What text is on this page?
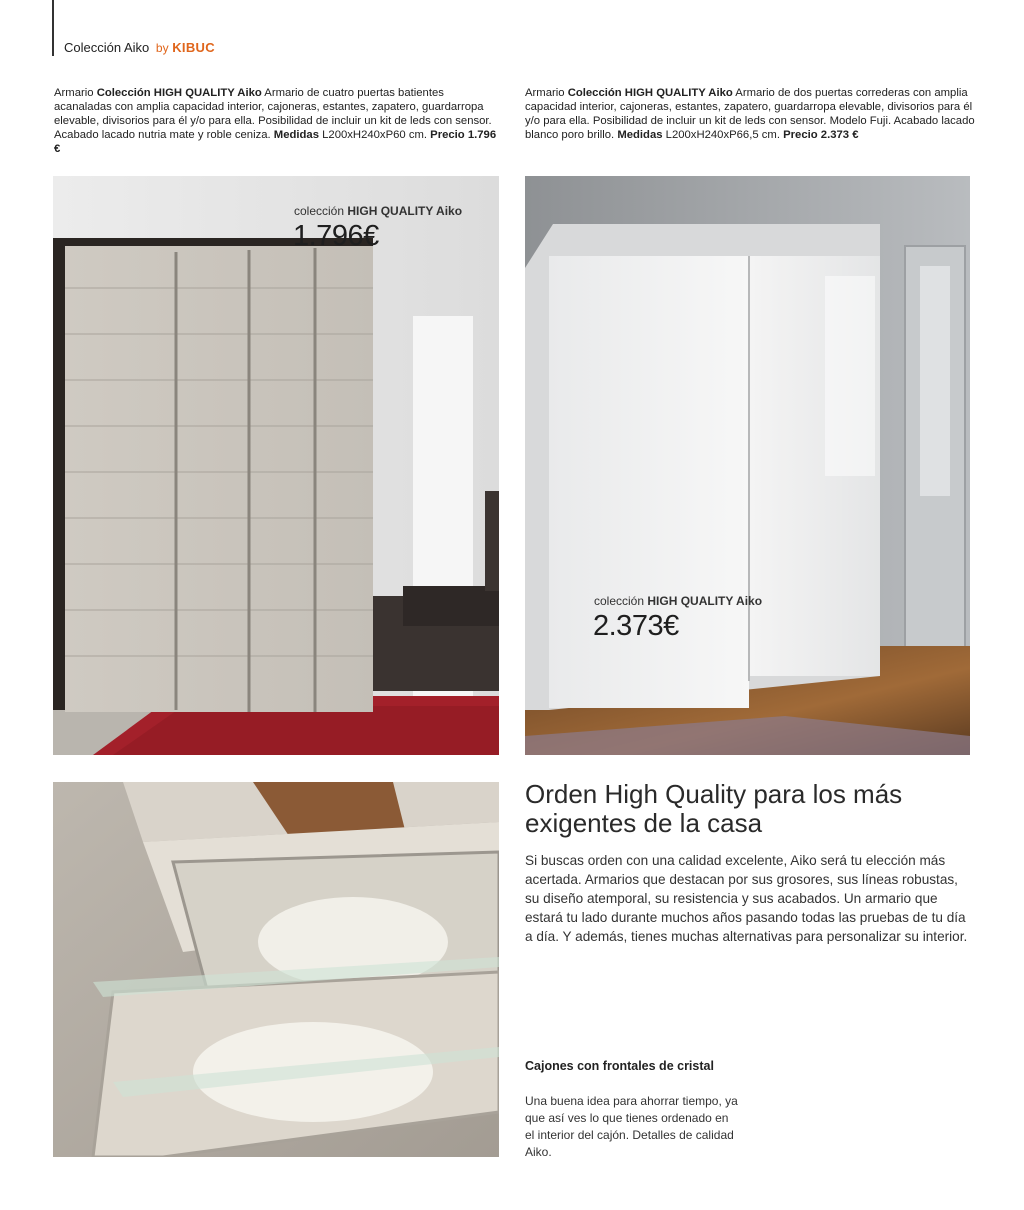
Colección Aiko by KIBUC
Armario Colección HIGH QUALITY Aiko Armario de cuatro puertas batientes acanaladas con amplia capacidad interior, cajoneras, estantes, zapatero, guardarropa elevable, divisorios para él y/o para ella. Posibilidad de incluir un kit de leds con sensor. Acabado lacado nutria mate y roble ceniza. Medidas L200xH240xP60 cm. Precio 1.796 €
Armario Colección HIGH QUALITY Aiko Armario de dos puertas correderas con amplia capacidad interior, cajoneras, estantes, zapatero, guardarropa elevable, divisorios para él y/o para ella. Posibilidad de incluir un kit de leds con sensor. Modelo Fuji. Acabado lacado blanco poro brillo. Medidas L200xH240xP66,5 cm. Precio 2.373 €
colección HIGH QUALITY Aiko
1.796€
colección HIGH QUALITY Aiko
2.373€
Orden High Quality para los más exigentes de la casa
Si buscas orden con una calidad excelente, Aiko será tu elección más acertada. Armarios que destacan por sus grosores, sus líneas robustas, su diseño atemporal, su resistencia y sus acabados. Un armario que estará tu lado durante muchos años pasando todas las pruebas de tu día a día. Y además, tienes muchas alternativas para personalizar su interior.
Cajones con frontales de cristal
Una buena idea para ahorrar tiempo, ya que así ves lo que tienes ordenado en el interior del cajón. Detalles de calidad Aiko.
